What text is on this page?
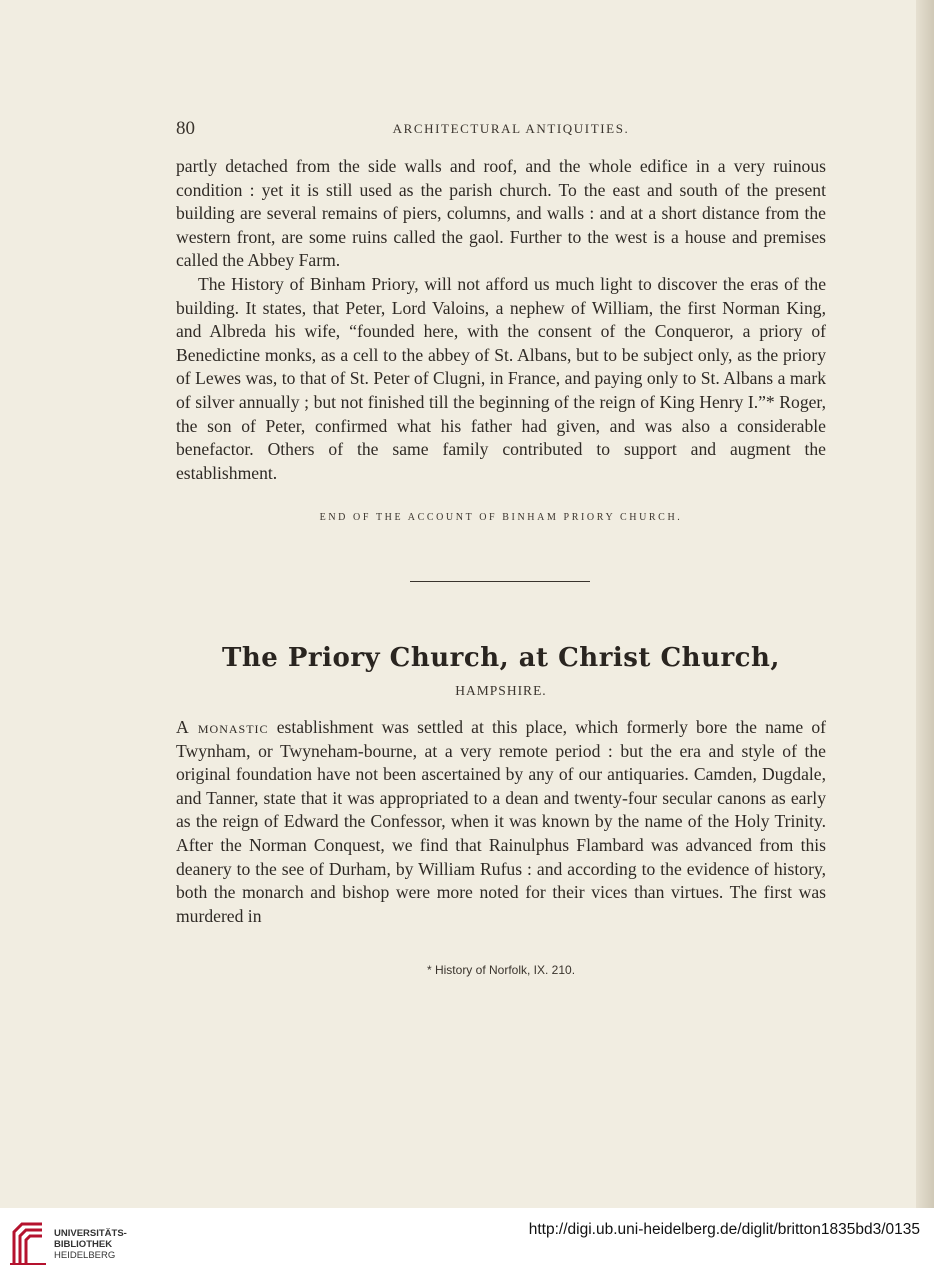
80	ARCHITECTURAL ANTIQUITIES.

partly detached from the side walls and roof, and the whole edifice in a very ruinous condition : yet it is still used as the parish church. To the east and south of the present building are several remains of piers, columns, and walls : and at a short distance from the western front, are some ruins called the gaol. Further to the west is a house and premises called the Abbey Farm.

The History of Binham Priory, will not afford us much light to discover the eras of the building. It states, that Peter, Lord Valoins, a nephew of William, the first Norman King, and Albreda his wife, “founded here, with the consent of the Conqueror, a priory of Benedictine monks, as a cell to the abbey of St. Albans, but to be subject only, as the priory of Lewes was, to that of St. Peter of Clugni, in France, and paying only to St. Albans a mark of silver annually ; but not finished till the beginning of the reign of King Henry I.”* Roger, the son of Peter, confirmed what his father had given, and was also a considerable benefactor. Others of the same family contributed to support and augment the establishment.

END OF THE ACCOUNT OF BINHAM PRIORY CHURCH.
The Priory Church, at Christ Church,
HAMPSHIRE.

A monastic establishment was settled at this place, which formerly bore the name of Twynham, or Twyneham-bourne, at a very remote period : but the era and style of the original foundation have not been ascertained by any of our antiquaries. Camden, Dugdale, and Tanner, state that it was appropriated to a dean and twenty-four secular canons as early as the reign of Edward the Confessor, when it was known by the name of the Holy Trinity. After the Norman Conquest, we find that Rainulphus Flambard was advanced from this deanery to the see of Durham, by William Rufus : and according to the evidence of history, both the monarch and bishop were more noted for their vices than virtues. The first was murdered in

* History of Norfolk, IX. 210.
UNIVERSITÄTS-
BIBLIOTHEK
HEIDELBERG
http://digi.ub.uni-heidelberg.de/diglit/britton1835bd3/0135
